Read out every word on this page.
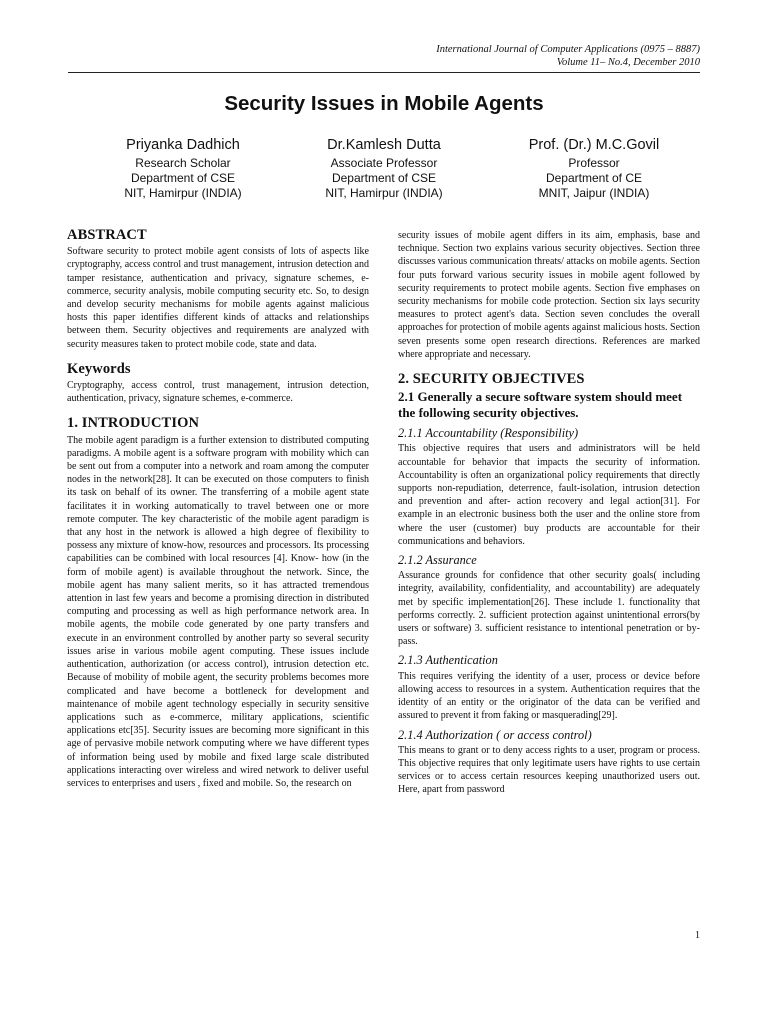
International Journal of Computer Applications (0975 – 8887)
Volume 11– No.4, December 2010
Security Issues in Mobile Agents
Priyanka Dadhich
Research Scholar
Department of CSE
NIT, Hamirpur (INDIA)
Dr.Kamlesh Dutta
Associate Professor
Department of CSE
NIT, Hamirpur (INDIA)
Prof. (Dr.) M.C.Govil
Professor
Department of CE
MNIT, Jaipur (INDIA)
ABSTRACT

Software security to protect mobile agent consists of lots of aspects like cryptography, access control and trust management, intrusion detection and tamper resistance, authentication and privacy, signature schemes, e-commerce, security analysis, mobile computing security etc. So, to design and develop security mechanisms for mobile agents against malicious hosts this paper identifies different kinds of attacks and relationships between them. Security objectives and requirements are analyzed with security measures taken to protect mobile code, state and data.

Keywords

Cryptography, access control, trust management, intrusion detection, authentication, privacy, signature schemes, e-commerce.

1. INTRODUCTION

The mobile agent paradigm is a further extension to distributed computing paradigms. A mobile agent is a software program with mobility which can be sent out from a computer into a network and roam among the computer nodes in the network[28]. It can be executed on those computers to finish its task on behalf of its owner. The transferring of a mobile agent state facilitates it in working automatically to travel between one or more remote computer. The key characteristic of the mobile agent paradigm is that any host in the network is allowed a high degree of flexibility to possess any mixture of know-how, resources and processors. Its processing capabilities can be combined with local resources [4]. Know- how (in the form of mobile agent) is available throughout the network. Since, the mobile agent has many salient merits, so it has attracted tremendous attention in last few years and become a promising direction in distributed computing and processing as well as high performance network area. In mobile agents, the mobile code generated by one party transfers and execute in an environment controlled by another party so several security issues arise in various mobile agent computing. These issues include authentication, authorization (or access control), intrusion detection etc. Because of mobility of mobile agent, the security problems becomes more complicated and have become a bottleneck for development and maintenance of mobile agent technology especially in security sensitive applications such as e-commerce, military applications, scientific applications etc[35]. Security issues are becoming more significant in this age of pervasive mobile network computing where we have different types of information being used by mobile and fixed large scale distributed applications interacting over wireless and wired network to deliver useful services to enterprises and users , fixed and mobile. So, the research on

security issues of mobile agent differs in its aim, emphasis, base and technique. Section two explains various security objectives. Section three discusses various communication threats/ attacks on mobile agents. Section four puts forward various security issues in mobile agent followed by security requirements to protect mobile agents. Section five emphases on security mechanisms for mobile code protection. Section six lays security measures to protect agent's data. Section seven concludes the overall approaches for protection of mobile agents against malicious hosts. Section seven presents some open research directions. References are marked where appropriate and necessary.

2. SECURITY OBJECTIVES
2.1 Generally a secure software system should meet the following security objectives.
2.1.1 Accountability (Responsibility)

This objective requires that users and administrators will be held accountable for behavior that impacts the security of information. Accountability is often an organizational policy requirements that directly supports non-repudiation, deterrence, fault-isolation, intrusion detection and prevention and after- action recovery and legal action[31]. For example in an electronic business both the user and the online store from where the user (customer) buy products are accountable for their communications and behaviors.

2.1.2 Assurance

Assurance grounds for confidence that other security goals( including integrity, availability, confidentiality, and accountability) are adequately met by specific implementation[26]. These include 1. functionality that performs correctly. 2. sufficient protection against unintentional errors(by users or software) 3. sufficient resistance to intentional penetration or by-pass.

2.1.3 Authentication

This requires verifying the identity of a user, process or device before allowing access to resources in a system. Authentication requires that the identity of an entity or the originator of the data can be verified and assured to prevent it from faking or masquerading[29].

2.1.4 Authorization ( or access control)

This means to grant or to deny access rights to a user, program or process. This objective requires that only legitimate users have rights to use certain services or to access certain resources keeping unauthorized users out. Here, apart from password

1
